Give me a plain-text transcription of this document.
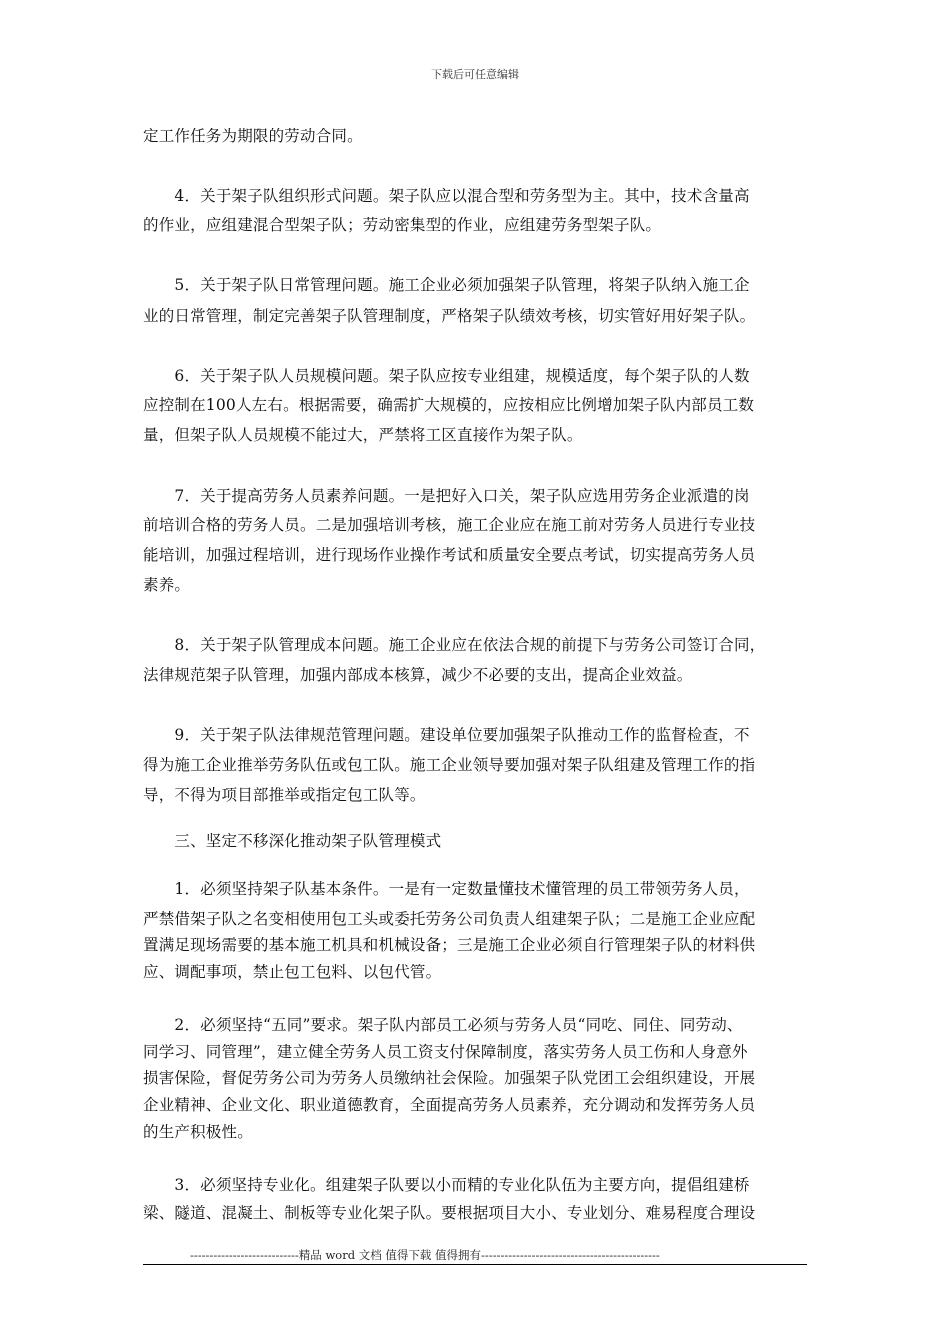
下载后可任意编辑
定工作任务为期限的劳动合同。
　　4．关于架子队组织形式问题。架子队应以混合型和劳务型为主。其中，技术含量高
的作业，应组建混合型架子队；劳动密集型的作业，应组建劳务型架子队。
　　5．关于架子队日常管理问题。施工企业必须加强架子队管理，将架子队纳入施工企
业的日常管理，制定完善架子队管理制度，严格架子队绩效考核，切实管好用好架子队。
　　6．关于架子队人员规模问题。架子队应按专业组建，规模适度，每个架子队的人数
应控制在100人左右。根据需要，确需扩大规模的，应按相应比例增加架子队内部员工数
量，但架子队人员规模不能过大，严禁将工区直接作为架子队。
　　7．关于提高劳务人员素养问题。一是把好入口关，架子队应选用劳务企业派遣的岗
前培训合格的劳务人员。二是加强培训考核，施工企业应在施工前对劳务人员进行专业技
能培训，加强过程培训，进行现场作业操作考试和质量安全要点考试，切实提高劳务人员
素养。
　　8．关于架子队管理成本问题。施工企业应在依法合规的前提下与劳务公司签订合同，
法律规范架子队管理，加强内部成本核算，减少不必要的支出，提高企业效益。
　　9．关于架子队法律规范管理问题。建设单位要加强架子队推动工作的监督检查，不
得为施工企业推举劳务队伍或包工队。施工企业领导要加强对架子队组建及管理工作的指
导，不得为项目部推举或指定包工队等。
　　三、坚定不移深化推动架子队管理模式
　　1．必须坚持架子队基本条件。一是有一定数量懂技术懂管理的员工带领劳务人员，
严禁借架子队之名变相使用包工头或委托劳务公司负责人组建架子队；二是施工企业应配
置满足现场需要的基本施工机具和机械设备；三是施工企业必须自行管理架子队的材料供
应、调配事项，禁止包工包料、以包代管。
　　2．必须坚持“五同”要求。架子队内部员工必须与劳务人员“同吃、同住、同劳动、
同学习、同管理”，建立健全劳务人员工资支付保障制度，落实劳务人员工伤和人身意外
损害保险，督促劳务公司为劳务人员缴纳社会保险。加强架子队党团工会组织建设，开展
企业精神、企业文化、职业道德教育，全面提高劳务人员素养，充分调动和发挥劳务人员
的生产积极性。
　　3．必须坚持专业化。组建架子队要以小而精的专业化队伍为主要方向，提倡组建桥
梁、隧道、混凝土、制板等专业化架子队。要根据项目大小、专业划分、难易程度合理设
----------------------------精品 word 文档 值得下载 值得拥有----------------------------------------------
